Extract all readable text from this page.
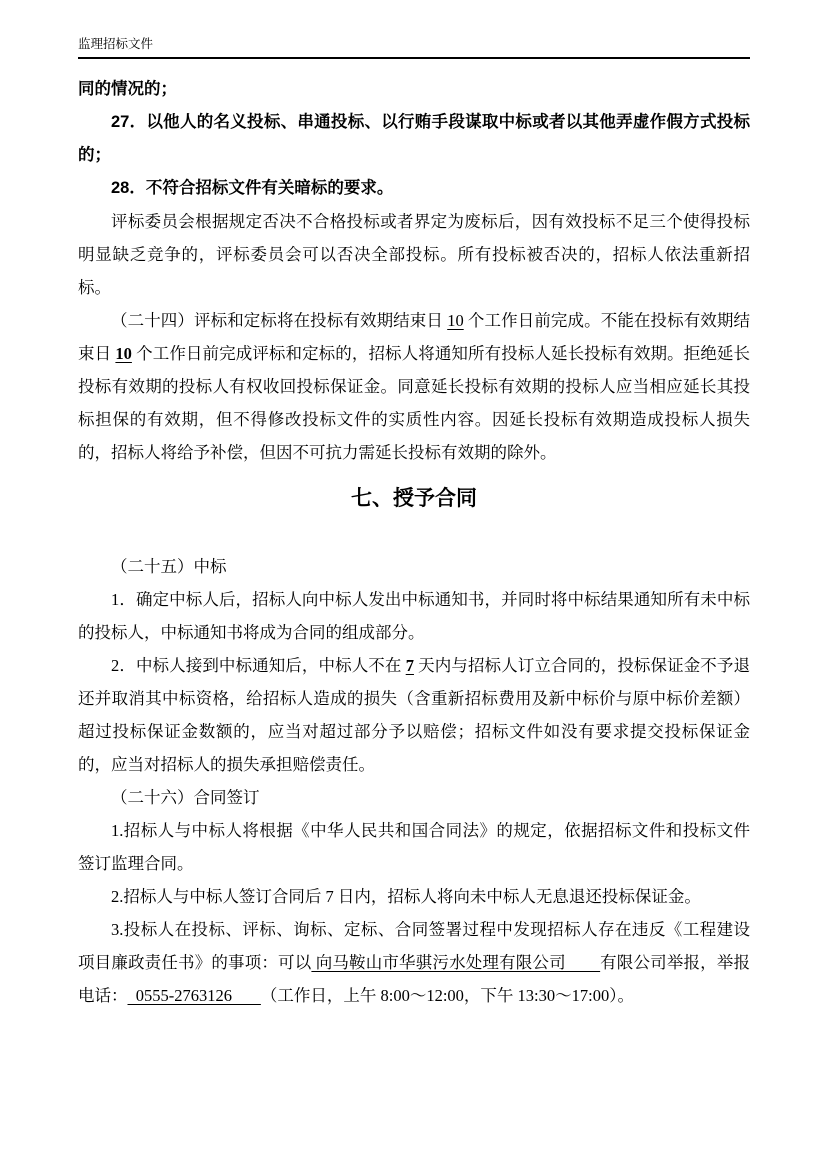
监理招标文件

同的情况的；

27．以他人的名义投标、串通投标、以行贿手段谋取中标或者以其他弄虚作假方式投标的；

28．不符合招标文件有关暗标的要求。

评标委员会根据规定否决不合格投标或者界定为废标后，因有效投标不足三个使得投标明显缺乏竞争的，评标委员会可以否决全部投标。所有投标被否决的，招标人依法重新招标。

（二十四）评标和定标将在投标有效期结束日 10 个工作日前完成。不能在投标有效期结束日 10 个工作日前完成评标和定标的，招标人将通知所有投标人延长投标有效期。拒绝延长投标有效期的投标人有权收回投标保证金。同意延长投标有效期的投标人应当相应延长其投标担保的有效期，但不得修改投标文件的实质性内容。因延长投标有效期造成投标人损失的，招标人将给予补偿，但因不可抗力需延长投标有效期的除外。

七、授予合同

（二十五）中标

1．确定中标人后，招标人向中标人发出中标通知书，并同时将中标结果通知所有未中标的投标人，中标通知书将成为合同的组成部分。

2．中标人接到中标通知后，中标人不在 7 天内与招标人订立合同的，投标保证金不予退还并取消其中标资格，给招标人造成的损失（含重新招标费用及新中标价与原中标价差额）超过投标保证金数额的，应当对超过部分予以赔偿；招标文件如没有要求提交投标保证金的，应当对招标人的损失承担赔偿责任。

（二十六）合同签订

1.招标人与中标人将根据《中华人民共和国合同法》的规定，依据招标文件和投标文件签订监理合同。

2.招标人与中标人签订合同后 7 日内，招标人将向未中标人无息退还投标保证金。

3.投标人在投标、评标、询标、定标、合同签署过程中发现招标人存在违反《工程建设项目廉政责任书》的事项：可以 向马鞍山市华骐污水处理有限公司        有限公司举报，举报电话：  0555-2763126       （工作日，上午 8:00～12:00，下午 13:30～17:00）。
